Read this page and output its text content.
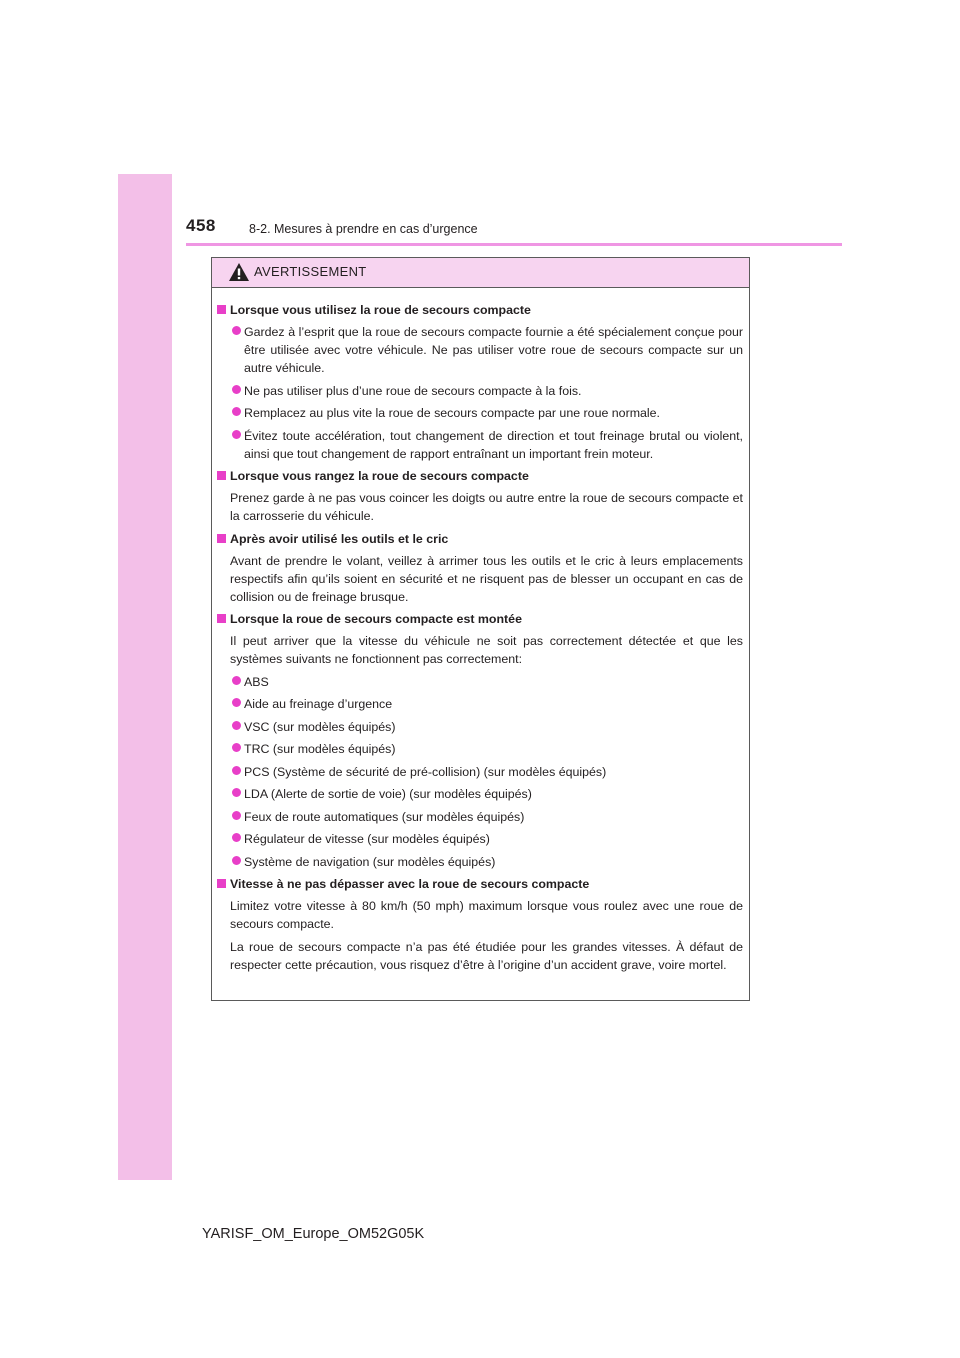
458	8-2. Mesures à prendre en cas d’urgence
AVERTISSEMENT
Lorsque vous utilisez la roue de secours compacte
Gardez à l’esprit que la roue de secours compacte fournie a été spécialement conçue pour être utilisée avec votre véhicule. Ne pas utiliser votre roue de secours compacte sur un autre véhicule.
Ne pas utiliser plus d’une roue de secours compacte à la fois.
Remplacez au plus vite la roue de secours compacte par une roue normale.
Évitez toute accélération, tout changement de direction et tout freinage brutal ou violent, ainsi que tout changement de rapport entraînant un important frein moteur.
Lorsque vous rangez la roue de secours compacte
Prenez garde à ne pas vous coincer les doigts ou autre entre la roue de secours compacte et la carrosserie du véhicule.
Après avoir utilisé les outils et le cric
Avant de prendre le volant, veillez à arrimer tous les outils et le cric à leurs emplacements respectifs afin qu’ils soient en sécurité et ne risquent pas de blesser un occupant en cas de collision ou de freinage brusque.
Lorsque la roue de secours compacte est montée
Il peut arriver que la vitesse du véhicule ne soit pas correctement détectée et que les systèmes suivants ne fonctionnent pas correctement:
ABS
Aide au freinage d’urgence
VSC (sur modèles équipés)
TRC (sur modèles équipés)
PCS (Système de sécurité de pré-collision) (sur modèles équipés)
LDA (Alerte de sortie de voie) (sur modèles équipés)
Feux de route automatiques (sur modèles équipés)
Régulateur de vitesse (sur modèles équipés)
Système de navigation (sur modèles équipés)
Vitesse à ne pas dépasser avec la roue de secours compacte
Limitez votre vitesse à 80 km/h (50 mph) maximum lorsque vous roulez avec une roue de secours compacte.
La roue de secours compacte n’a pas été étudiée pour les grandes vitesses. À défaut de respecter cette précaution, vous risquez d’être à l’origine d’un accident grave, voire mortel.
YARISF_OM_Europe_OM52G05K
